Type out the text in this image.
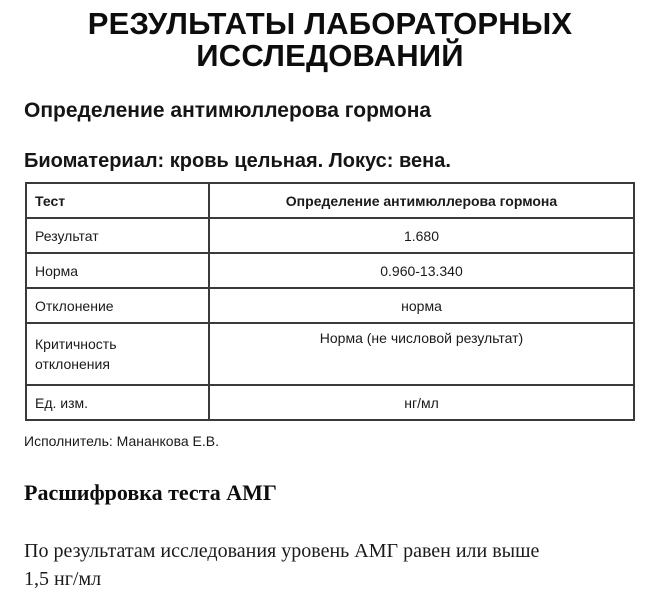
РЕЗУЛЬТАТЫ ЛАБОРАТОРНЫХ
ИССЛЕДОВАНИЙ
Определение антимюллерова гормона
Биоматериал: кровь цельная. Локус: вена.
Тест	Определение антимюллерова гормона
Результат	1.680
Норма	0.960-13.340
Отклонение	норма

Критичность
отклонения	Норма (не числовой результат)
Ед. изм.	нг/мл
Исполнитель: Мананкова Е.В.
Расшифровка теста АМГ
По результатам исследования уровень АМГ равен или выше
1,5 нг/мл
